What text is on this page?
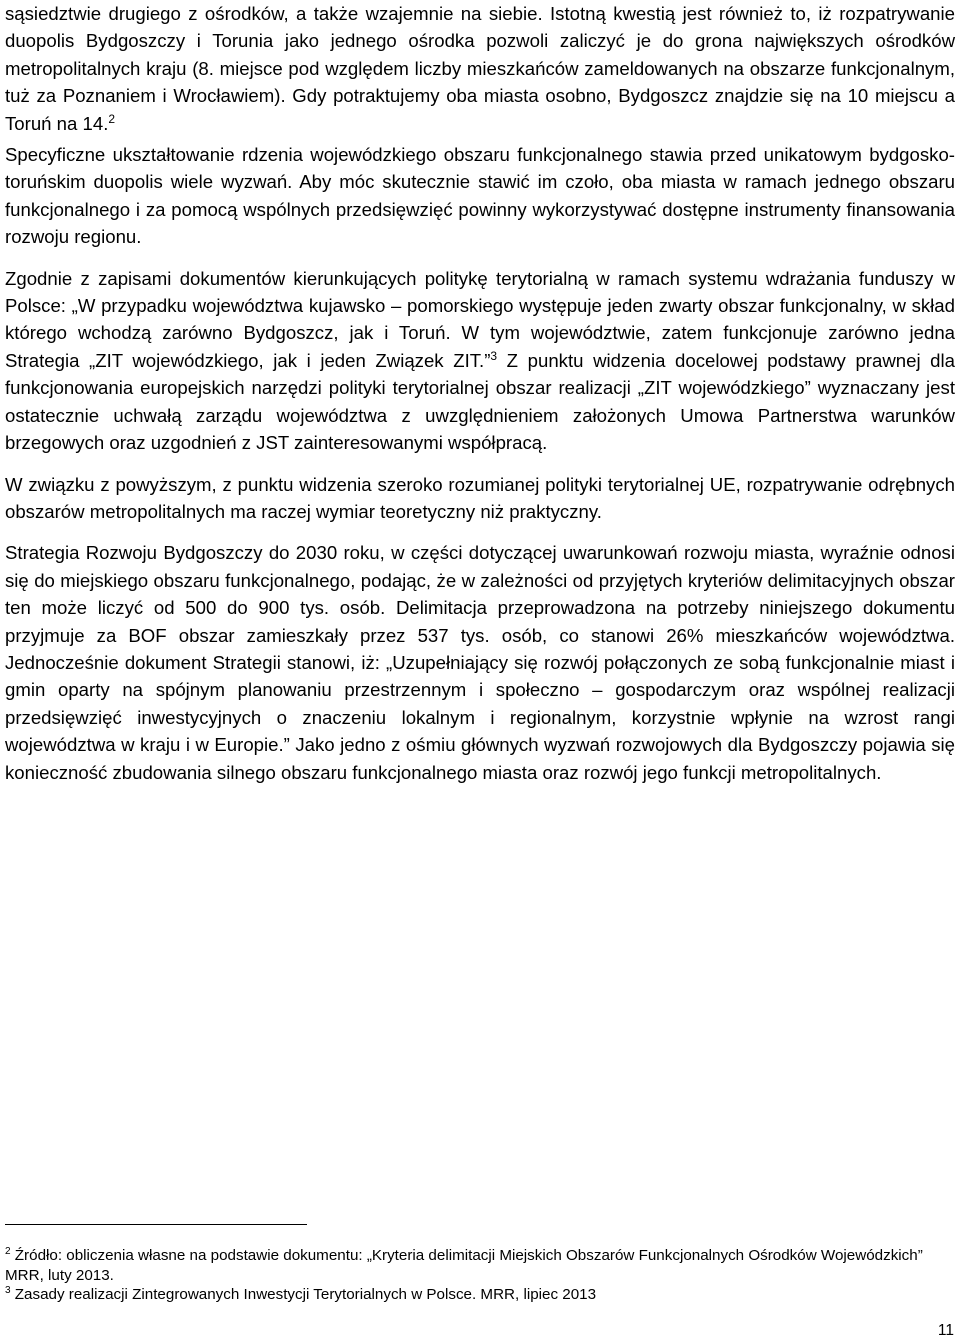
sąsiedztwie drugiego z ośrodków, a także wzajemnie na siebie. Istotną kwestią jest również to, iż rozpatrywanie duopolis Bydgoszczy i Torunia jako jednego ośrodka pozwoli zaliczyć je do grona największych ośrodków metropolitalnych kraju (8. miejsce pod względem liczby mieszkańców zameldowanych na obszarze funkcjonalnym, tuż za Poznaniem i Wrocławiem). Gdy potraktujemy oba miasta osobno, Bydgoszcz znajdzie się na 10 miejscu a Toruń na 14.$^2$

Specyficzne ukształtowanie rdzenia wojewódzkiego obszaru funkcjonalnego stawia przed unikatowym bydgosko-toruńskim duopolis wiele wyzwań. Aby móc skutecznie stawić im czoło, oba miasta w ramach jednego obszaru funkcjonalnego i za pomocą wspólnych przedsięwzięć powinny wykorzystywać dostępne instrumenty finansowania rozwoju regionu.

Zgodnie z zapisami dokumentów kierunkujących politykę terytorialną w ramach systemu wdrażania funduszy w Polsce: „W przypadku województwa kujawsko – pomorskiego występuje jeden zwarty obszar funkcjonalny, w skład którego wchodzą zarówno Bydgoszcz, jak i Toruń. W tym województwie, zatem funkcjonuje zarówno jedna Strategia „ZIT wojewódzkiego, jak i jeden Związek ZIT.”$^3$ Z punktu widzenia docelowej podstawy prawnej dla funkcjonowania europejskich narzędzi polityki terytorialnej obszar realizacji „ZIT wojewódzkiego” wyznaczany jest ostatecznie uchwałą zarządu województwa z uwzględnieniem założonych Umowa Partnerstwa warunków brzegowych oraz uzgodnień z JST zainteresowanymi współpracą.

W związku z powyższym, z punktu widzenia szeroko rozumianej polityki terytorialnej UE, rozpatrywanie odrębnych obszarów metropolitalnych ma raczej wymiar teoretyczny niż praktyczny.

Strategia Rozwoju Bydgoszczy do 2030 roku, w części dotyczącej uwarunkowań rozwoju miasta, wyraźnie odnosi się do miejskiego obszaru funkcjonalnego, podając, że w zależności od przyjętych kryteriów delimitacyjnych obszar ten może liczyć od 500 do 900 tys. osób. Delimitacja przeprowadzona na potrzeby niniejszego dokumentu przyjmuje za BOF obszar zamieszkały przez 537 tys. osób, co stanowi 26% mieszkańców województwa. Jednocześnie dokument Strategii stanowi, iż: „Uzupełniający się rozwój połączonych ze sobą funkcjonalnie miast i gmin oparty na spójnym planowaniu przestrzennym i społeczno – gospodarczym oraz wspólnej realizacji przedsięwzięć inwestycyjnych o znaczeniu lokalnym i regionalnym, korzystnie wpłynie na wzrost rangi województwa w kraju i w Europie.” Jako jedno z ośmiu głównych wyzwań rozwojowych dla Bydgoszczy pojawia się konieczność zbudowania silnego obszaru funkcjonalnego miasta oraz rozwój jego funkcji metropolitalnych.

$^2$ Źródło: obliczenia własne na podstawie dokumentu: „Kryteria delimitacji Miejskich Obszarów Funkcjonalnych Ośrodków Wojewódzkich” MRR, luty 2013.

$^3$ Zasady realizacji Zintegrowanych Inwestycji Terytorialnych w Polsce. MRR, lipiec 2013

11
